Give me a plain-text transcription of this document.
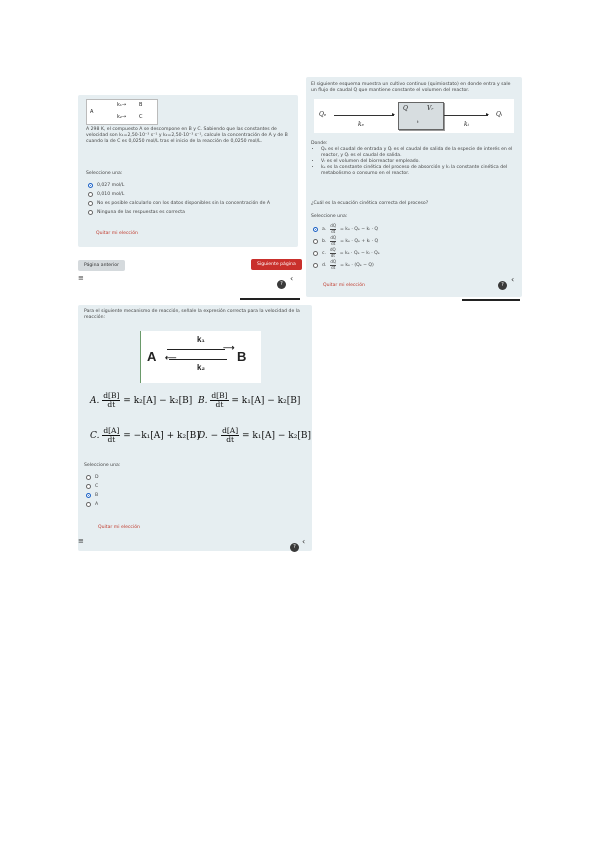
A
k₁→	B
k₂→	C
A 298 K, el compuesto A se descompone en B y C. Sabiendo que las constantes de velocidad son k₁=2,50·10⁻³ s⁻¹ y k₂=2,50·10⁻³ s⁻¹, calcule la concentración de A y de B cuando la de C es 0,0250 mol/L tras el inicio de la reacción de 0,0250 mol/L.
Seleccione una:
0,027 mol/L
0,010 mol/L
No es posible calcularlo con los datos disponibles sin la concentración de A
Ninguna de las respuestas es correcta
Quitar mi elección
Página anterior	Siguiente página
≡
?
‹
El siguiente esquema muestra un cultivo continuo (quimiostato) en donde entra y sale un flujo de caudal Q que mantiene constante el volumen del reactor.
Qₑ	▸
kₑ
Q	Vᵣ
t
▸
kᵢ
Qᵢ
Donde:
• Qₑ es el caudal de entrada y Qᵢ es el caudal de salida de la especie de interés en el reactor, y Qᵢ es el caudal de salida.
• Vᵣ es el volumen del biorreactor empleado.
• kₑ es la constante cinética del proceso de absorción y kᵢ la constante cinética del metabolismo o consumo en el reactor.
¿Cuál es la ecuación cinética correcta del proceso?
Seleccione una:
a. $\frac{dQ}{dt} = k_e \cdot Q_e$ − kᵢ · Q
b. $\frac{dQ}{dt} = k_e \cdot Q_e$ + kᵢ · Q
c. $\frac{dQ}{dt} = k_e \cdot Q_e$ − kᵢ · Qₑ
d. $\frac{dQ}{dt} = k_e \cdot (Q_e - Q)$
Quitar mi elección	?
‹
Para el siguiente mecanismo de reacción, señale la expresión correcta para la velocidad de la reacción:
A
k₁
⟶
⟵
k₂
B
A. $\frac{d[B]}{dt} = k_2[A] - k_2[B]$ B. $\frac{d[B]}{dt} = k_1[A] - k_2[B]$
C. $\frac{d[A]}{dt} = -k_1[A] + k_2[B]$
D. − $\frac{d[A]}{dt} = k_1[A] - k_2[B]$
Seleccione una:
D
C
B
A
Quitar mi elección
≡
?
‹
